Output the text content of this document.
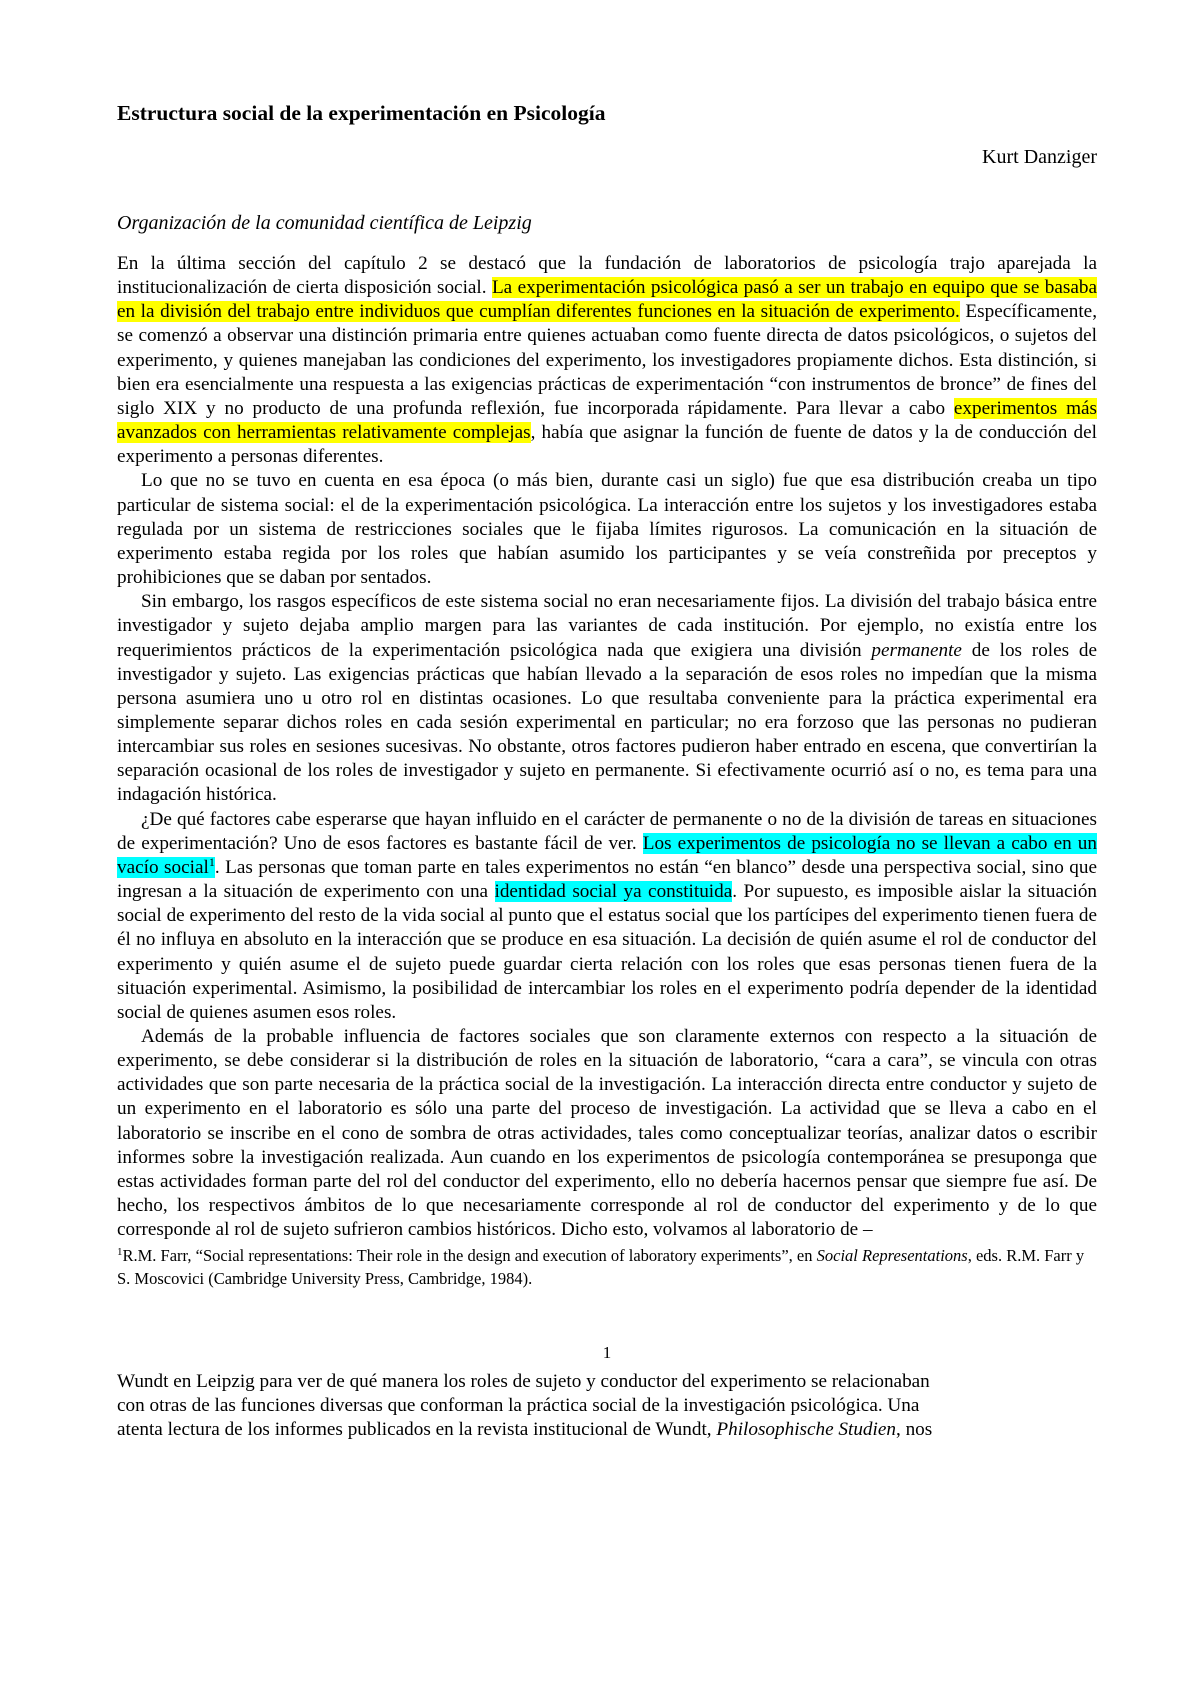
Estructura social de la experimentación en Psicología

Kurt Danziger

Organización de la comunidad científica de Leipzig

En la última sección del capítulo 2 se destacó que la fundación de laboratorios de psicología trajo aparejada la institucionalización de cierta disposición social. La experimentación psicológica pasó a ser un trabajo en equipo que se basaba en la división del trabajo entre individuos que cumplían diferentes funciones en la situación de experimento. Específicamente, se comenzó a observar una distinción primaria entre quienes actuaban como fuente directa de datos psicológicos, o sujetos del experimento, y quienes manejaban las condiciones del experimento, los investigadores propiamente dichos. Esta distinción, si bien era esencialmente una respuesta a las exigencias prácticas de experimentación “con instrumentos de bronce” de fines del siglo XIX y no producto de una profunda reflexión, fue incorporada rápidamente. Para llevar a cabo experimentos más avanzados con herramientas relativamente complejas, había que asignar la función de fuente de datos y la de conducción del experimento a personas diferentes.

Lo que no se tuvo en cuenta en esa época (o más bien, durante casi un siglo) fue que esa distribución creaba un tipo particular de sistema social: el de la experimentación psicológica. La interacción entre los sujetos y los investigadores estaba regulada por un sistema de restricciones sociales que le fijaba límites rigurosos. La comunicación en la situación de experimento estaba regida por los roles que habían asumido los participantes y se veía constreñida por preceptos y prohibiciones que se daban por sentados.

Sin embargo, los rasgos específicos de este sistema social no eran necesariamente fijos. La división del trabajo básica entre investigador y sujeto dejaba amplio margen para las variantes de cada institución. Por ejemplo, no existía entre los requerimientos prácticos de la experimentación psicológica nada que exigiera una división permanente de los roles de investigador y sujeto. Las exigencias prácticas que habían llevado a la separación de esos roles no impedían que la misma persona asumiera uno u otro rol en distintas ocasiones. Lo que resultaba conveniente para la práctica experimental era simplemente separar dichos roles en cada sesión experimental en particular; no era forzoso que las personas no pudieran intercambiar sus roles en sesiones sucesivas. No obstante, otros factores pudieron haber entrado en escena, que convertirían la separación ocasional de los roles de investigador y sujeto en permanente. Si efectivamente ocurrió así o no, es tema para una indagación histórica.

¿De qué factores cabe esperarse que hayan influido en el carácter de permanente o no de la división de tareas en situaciones de experimentación? Uno de esos factores es bastante fácil de ver. Los experimentos de psicología no se llevan a cabo en un vacío social$^1$. Las personas que toman parte en tales experimentos no están “en blanco” desde una perspectiva social, sino que ingresan a la situación de experimento con una identidad social ya constituida. Por supuesto, es imposible aislar la situación social de experimento del resto de la vida social al punto que el estatus social que los partícipes del experimento tienen fuera de él no influya en absoluto en la interacción que se produce en esa situación. La decisión de quién asume el rol de conductor del experimento y quién asume el de sujeto puede guardar cierta relación con los roles que esas personas tienen fuera de la situación experimental. Asimismo, la posibilidad de intercambiar los roles en el experimento podría depender de la identidad social de quienes asumen esos roles.

Además de la probable influencia de factores sociales que son claramente externos con respecto a la situación de experimento, se debe considerar si la distribución de roles en la situación de laboratorio, “cara a cara”, se vincula con otras actividades que son parte necesaria de la práctica social de la investigación. La interacción directa entre conductor y sujeto de un experimento en el laboratorio es sólo una parte del proceso de investigación. La actividad que se lleva a cabo en el laboratorio se inscribe en el cono de sombra de otras actividades, tales como conceptualizar teorías, analizar datos o escribir informes sobre la investigación realizada. Aun cuando en los experimentos de psicología contemporánea se presuponga que estas actividades forman parte del rol del conductor del experimento, ello no debería hacernos pensar que siempre fue así. De hecho, los respectivos ámbitos de lo que necesariamente corresponde al rol de conductor del experimento y de lo que corresponde al rol de sujeto sufrieron cambios históricos. Dicho esto, volvamos al laboratorio de –

$^1$R.M. Farr, “Social representations: Their role in the design and execution of laboratory experiments”, en Social Representations, eds. R.M. Farr y S. Moscovici (Cambridge University Press, Cambridge, 1984).

1

Wundt en Leipzig para ver de qué manera los roles de sujeto y conductor del experimento se relacionaban

con otras de las funciones diversas que conforman la práctica social de la investigación psicológica. Una

atenta lectura de los informes publicados en la revista institucional de Wundt, Philosophische Studien, nos
